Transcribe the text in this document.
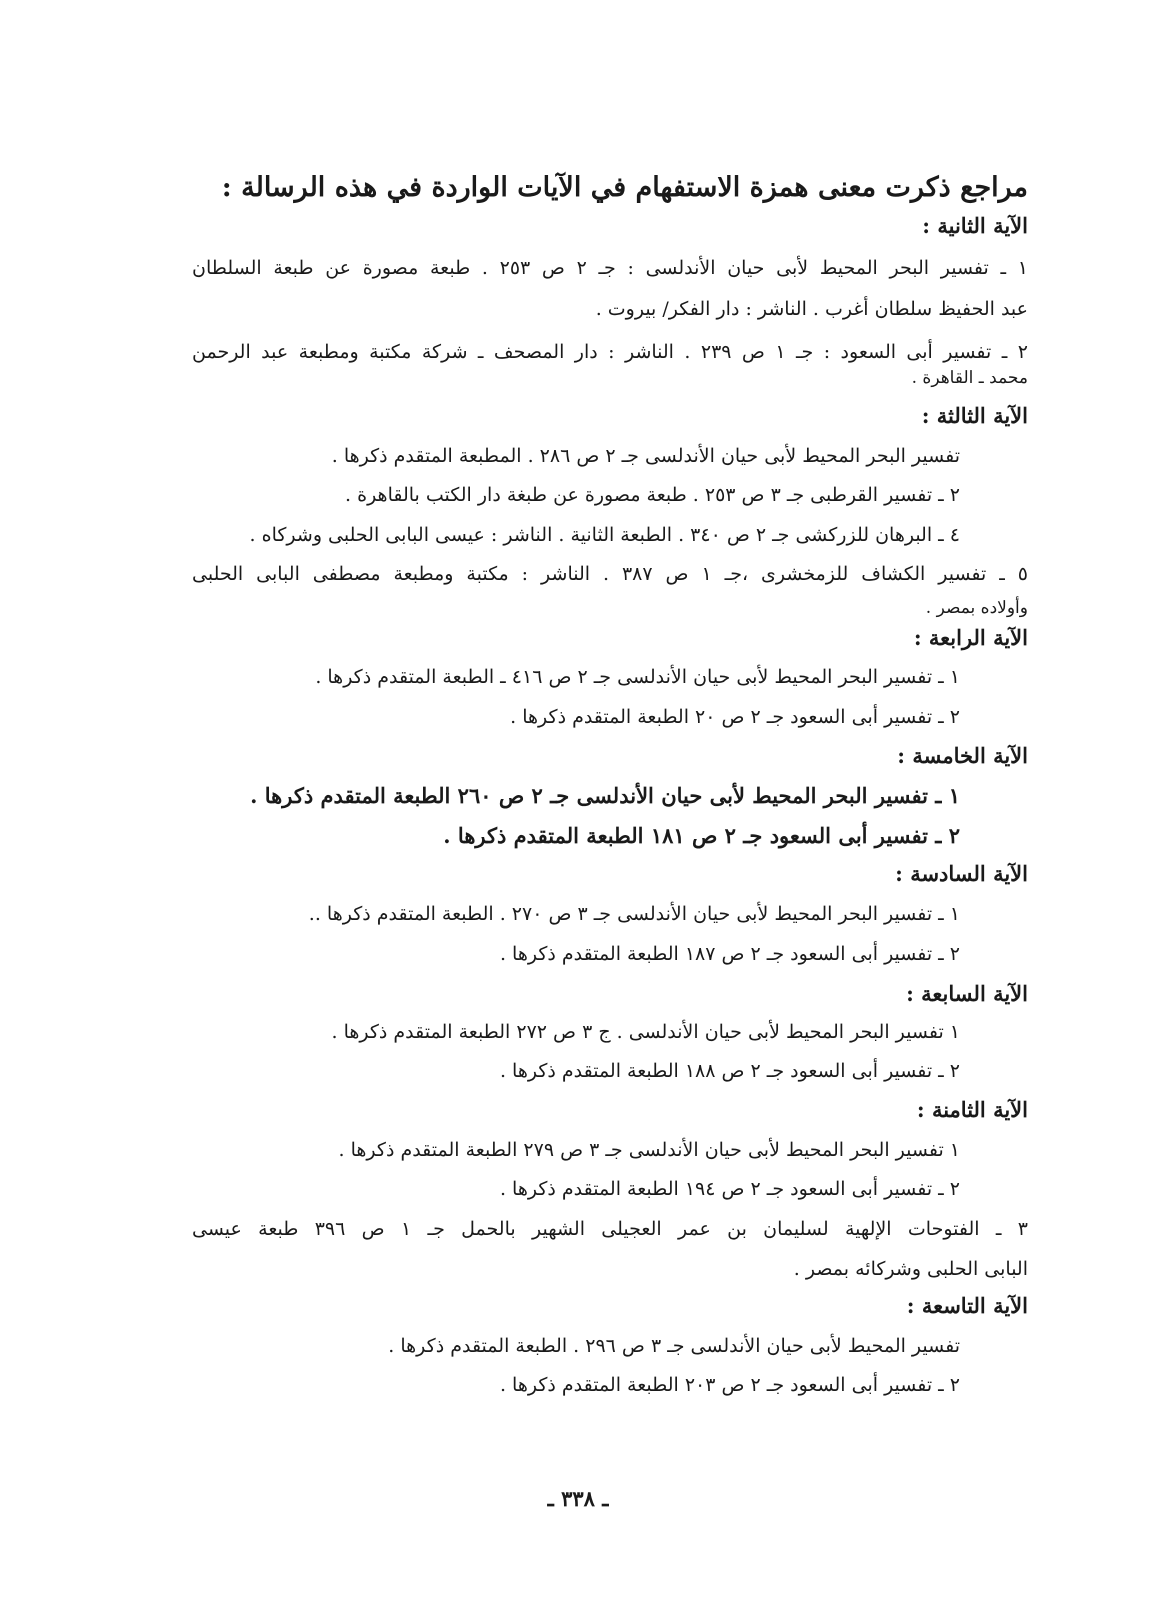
مراجع ذكرت معنى همزة الاستفهام في الآيات الواردة في هذه الرسالة :
الآية الثانية :
١ ـ تفسير البحر المحيط لأبى حيان الأندلسى : جـ ٢ ص ٢٥٣ . طبعة مصورة عن طبعة السلطان
عبد الحفيظ سلطان أغرب . الناشر : دار الفكر/ بيروت .
٢ ـ تفسير أبى السعود : جـ ١ ص ٢٣٩ . الناشر : دار المصحف ـ شركة مكتبة ومطبعة عبد الرحمن
محمد ـ القاهرة .
الآية الثالثة :
تفسير البحر المحيط لأبى حيان الأندلسى جـ ٢ ص ٢٨٦ . المطبعة المتقدم ذكرها .
٢ ـ تفسير القرطبى جـ ٣ ص ٢٥٣ . طبعة مصورة عن طبغة دار الكتب بالقاهرة .
٤ ـ البرهان للزركشى جـ ٢ ص ٣٤٠ . الطبعة الثانية . الناشر : عيسى البابى الحلبى وشركاه .
٥ ـ تفسير الكشاف للزمخشرى ،جـ ١ ص ٣٨٧ . الناشر : مكتبة ومطبعة مصطفى البابى الحلبى
وأولاده بمصر .
الآية الرابعة :
١ ـ تفسير البحر المحيط لأبى حيان الأندلسى جـ ٢ ص ٤١٦ ـ الطبعة المتقدم ذكرها .
٢ ـ تفسير أبى السعود جـ ٢ ص ٢٠ الطبعة المتقدم ذكرها .
الآية الخامسة :
١ ـ تفسير البحر المحيط لأبى حيان الأندلسى جـ ٢ ص ٢٦٠ الطبعة المتقدم ذكرها .
٢ ـ تفسير أبى السعود جـ ٢ ص ١٨١ الطبعة المتقدم ذكرها .
الآية السادسة :
١ ـ تفسير البحر المحيط لأبى حيان الأندلسى جـ ٣ ص ٢٧٠ . الطبعة المتقدم ذكرها ..
٢ ـ تفسير أبى السعود جـ ٢ ص ١٨٧ الطبعة المتقدم ذكرها .
الآية السابعة :
١ تفسير البحر المحيط لأبى حيان الأندلسى . ج ٣ ص ٢٧٢ الطبعة المتقدم ذكرها .
٢ ـ تفسير أبى السعود جـ ٢ ص ١٨٨ الطبعة المتقدم ذكرها .
الآية الثامنة :
١ تفسير البحر المحيط لأبى حيان الأندلسى جـ ٣ ص ٢٧٩ الطبعة المتقدم ذكرها .
٢ ـ تفسير أبى السعود جـ ٢ ص ١٩٤ الطبعة المتقدم ذكرها .
٣ ـ الفتوحات الإلهية لسليمان بن عمر العجيلى الشهير بالحمل جـ ١ ص ٣٩٦ طبعة عيسى
البابى الحلبى وشركائه بمصر .
الآية التاسعة :
تفسير المحيط لأبى حيان الأندلسى جـ ٣ ص ٢٩٦ . الطبعة المتقدم ذكرها .
٢ ـ تفسير أبى السعود جـ ٢ ص ٢٠٣ الطبعة المتقدم ذكرها .
ـ ٣٣٨ ـ
